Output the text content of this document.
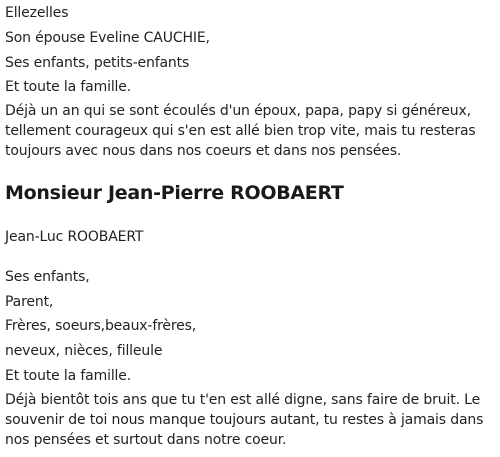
Ellezelles
Son épouse Eveline CAUCHIE,
Ses enfants, petits-enfants
Et toute la famille.
Déjà un an qui se sont écoulés d'un époux, papa, papy si généreux, tellement courageux qui s'en est allé bien trop vite, mais tu resteras toujours avec nous dans nos coeurs et dans nos pensées.
Monsieur Jean-Pierre ROOBAERT
Jean-Luc ROOBAERT
Ses enfants,
Parent,
Frères, soeurs,beaux-frères,
neveux, nièces, filleule
Et toute la famille.
Déjà bientôt tois ans que tu t'en est allé digne, sans faire de bruit. Le souvenir de toi nous manque toujours autant, tu restes à jamais dans nos pensées et surtout dans notre coeur.
